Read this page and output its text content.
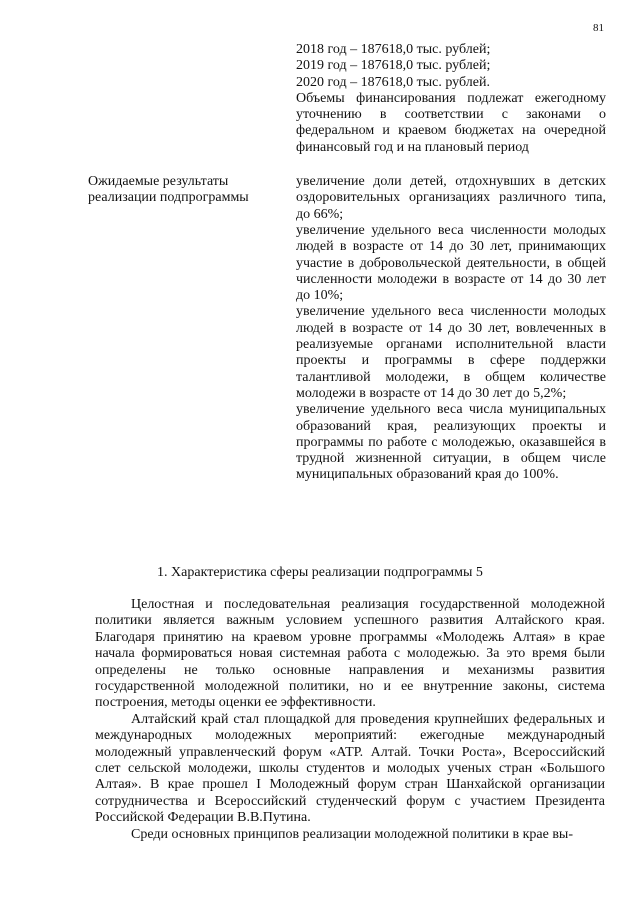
81
2018 год – 187618,0 тыс. рублей;
2019 год – 187618,0 тыс. рублей;
2020 год – 187618,0 тыс. рублей.
Объемы финансирования подлежат ежегодному уточнению в соответствии с законами о федеральном и краевом бюджетах на очередной финансовый год и на плановый период
Ожидаемые результаты реализации подпрограммы
увеличение доли детей, отдохнувших в детских оздоровительных организациях различного типа, до 66%;
увеличение удельного веса численности молодых людей в возрасте от 14 до 30 лет, принимающих участие в добровольческой деятельности, в общей численности молодежи в возрасте от 14 до 30 лет до 10%;
увеличение удельного веса численности молодых людей в возрасте от 14 до 30 лет, вовлеченных в реализуемые органами исполнительной власти проекты и программы в сфере поддержки талантливой молодежи, в общем количестве молодежи в возрасте от 14 до 30 лет до 5,2%;
увеличение удельного веса числа муниципальных образований края, реализующих проекты и программы по работе с молодежью, оказавшейся в трудной жизненной ситуации, в общем числе муниципальных образований края до 100%.
1. Характеристика сферы реализации подпрограммы 5

Целостная и последовательная реализация государственной молодежной политики является важным условием успешного развития Алтайского края. Благодаря принятию на краевом уровне программы «Молодежь Алтая» в крае начала формироваться новая системная работа с молодежью. За это время были определены не только основные направления и механизмы развития государственной молодежной политики, но и ее внутренние законы, система построения, методы оценки ее эффективности.

Алтайский край стал площадкой для проведения крупнейших федеральных и международных молодежных мероприятий: ежегодные международный молодежный управленческий форум «АТР. Алтай. Точки Роста», Всероссийский слет сельской молодежи, школы студентов и молодых ученых стран «Большого Алтая». В крае прошел I Молодежный форум стран Шанхайской организации сотрудничества и Всероссийский студенческий форум с участием Президента Российской Федерации В.В.Путина.

Среди основных принципов реализации молодежной политики в крае вы-
